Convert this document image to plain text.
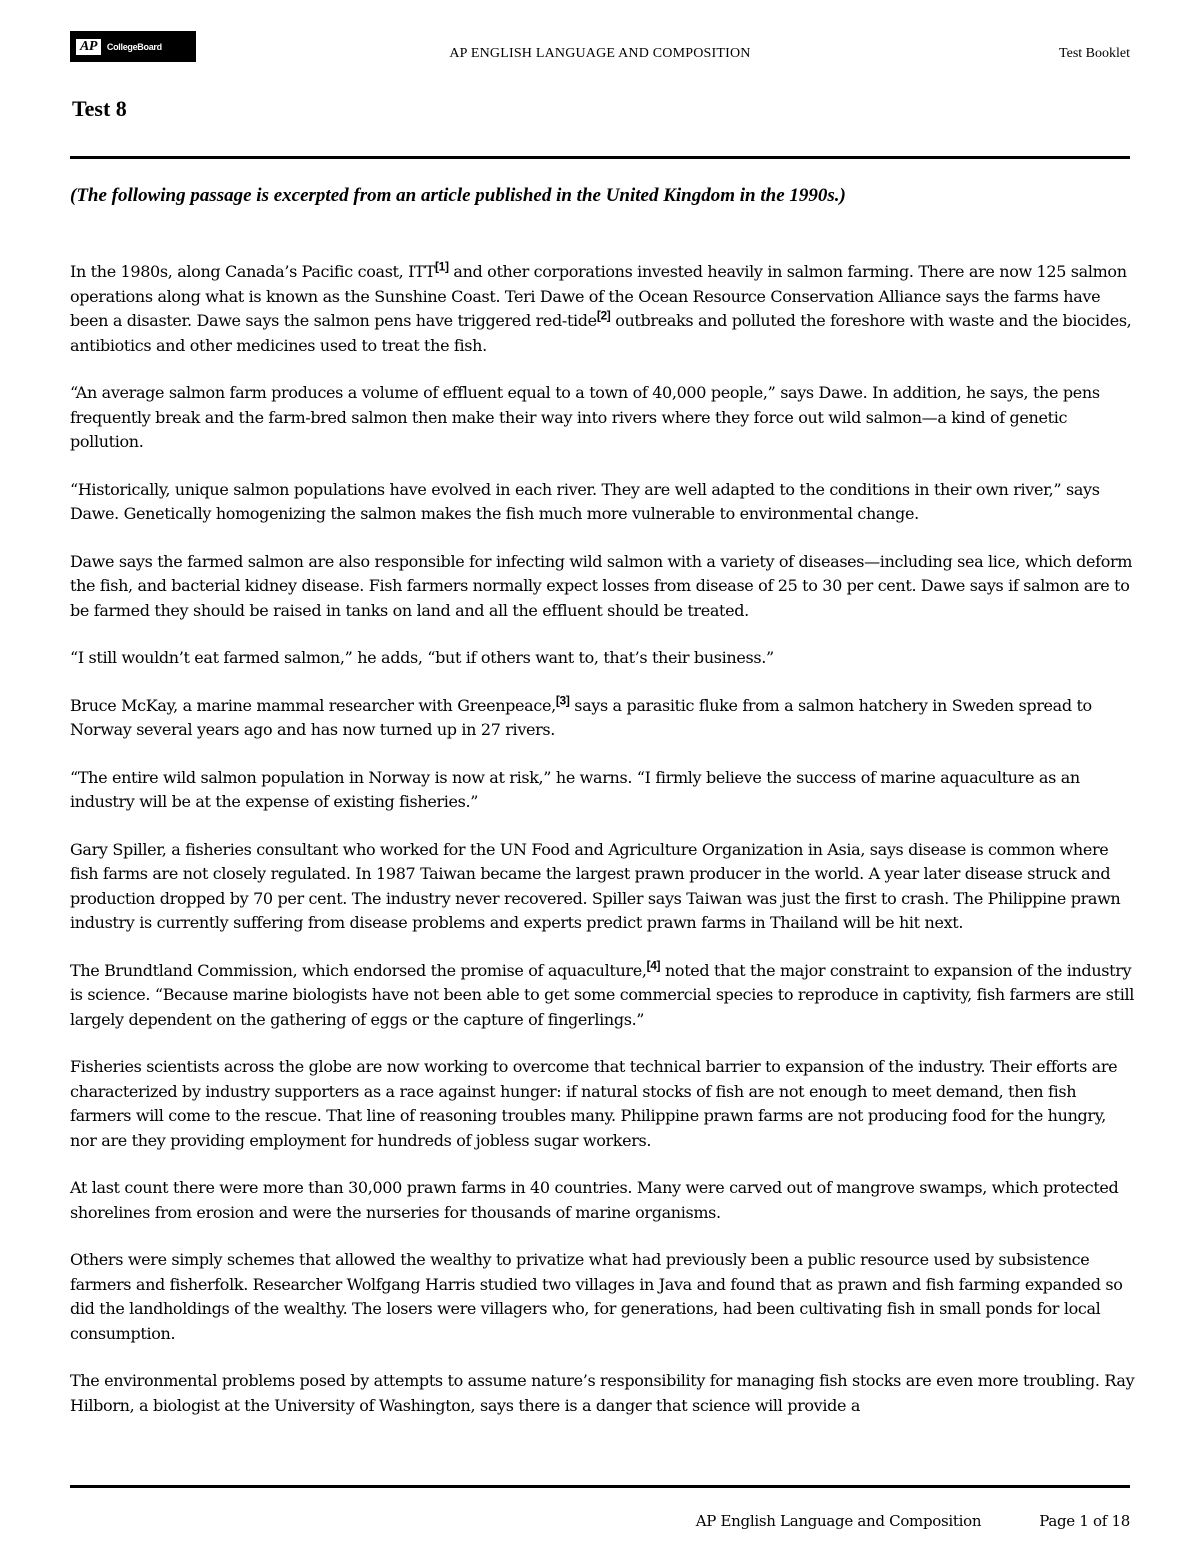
AP	CollegeBoard	AP ENGLISH LANGUAGE AND COMPOSITION	Test Booklet
Test 8
(The following passage is excerpted from an article published in the United Kingdom in the 1990s.)

In the 1980s, along Canada’s Pacific coast, ITT[1] and other corporations invested heavily in salmon farming. There are now 125 salmon operations along what is known as the Sunshine Coast. Teri Dawe of the Ocean Resource Conservation Alliance says the farms have been a disaster. Dawe says the salmon pens have triggered red-tide[2] outbreaks and polluted the foreshore with waste and the biocides, antibiotics and other medicines used to treat the fish.

“An average salmon farm produces a volume of effluent equal to a town of 40,000 people,” says Dawe. In addition, he says, the pens frequently break and the farm-bred salmon then make their way into rivers where they force out wild salmon—a kind of genetic pollution.

“Historically, unique salmon populations have evolved in each river. They are well adapted to the conditions in their own river,” says Dawe. Genetically homogenizing the salmon makes the fish much more vulnerable to environmental change.

Dawe says the farmed salmon are also responsible for infecting wild salmon with a variety of diseases—including sea lice, which deform the fish, and bacterial kidney disease. Fish farmers normally expect losses from disease of 25 to 30 per cent. Dawe says if salmon are to be farmed they should be raised in tanks on land and all the effluent should be treated.

“I still wouldn’t eat farmed salmon,” he adds, “but if others want to, that’s their business.”

Bruce McKay, a marine mammal researcher with Greenpeace,[3] says a parasitic fluke from a salmon hatchery in Sweden spread to Norway several years ago and has now turned up in 27 rivers.

“The entire wild salmon population in Norway is now at risk,” he warns. “I firmly believe the success of marine aquaculture as an industry will be at the expense of existing fisheries.”

Gary Spiller, a fisheries consultant who worked for the UN Food and Agriculture Organization in Asia, says disease is common where fish farms are not closely regulated. In 1987 Taiwan became the largest prawn producer in the world. A year later disease struck and production dropped by 70 per cent. The industry never recovered. Spiller says Taiwan was just the first to crash. The Philippine prawn industry is currently suffering from disease problems and experts predict prawn farms in Thailand will be hit next.

The Brundtland Commission, which endorsed the promise of aquaculture,[4] noted that the major constraint to expansion of the industry is science. “Because marine biologists have not been able to get some commercial species to reproduce in captivity, fish farmers are still largely dependent on the gathering of eggs or the capture of fingerlings.”

Fisheries scientists across the globe are now working to overcome that technical barrier to expansion of the industry. Their efforts are characterized by industry supporters as a race against hunger: if natural stocks of fish are not enough to meet demand, then fish farmers will come to the rescue. That line of reasoning troubles many. Philippine prawn farms are not producing food for the hungry, nor are they providing employment for hundreds of jobless sugar workers.

At last count there were more than 30,000 prawn farms in 40 countries. Many were carved out of mangrove swamps, which protected shorelines from erosion and were the nurseries for thousands of marine organisms.

Others were simply schemes that allowed the wealthy to privatize what had previously been a public resource used by subsistence farmers and fisherfolk. Researcher Wolfgang Harris studied two villages in Java and found that as prawn and fish farming expanded so did the landholdings of the wealthy. The losers were villagers who, for generations, had been cultivating fish in small ponds for local consumption.

The environmental problems posed by attempts to assume nature’s responsibility for managing fish stocks are even more troubling. Ray Hilborn, a biologist at the University of Washington, says there is a danger that science will provide a

AP English Language and Composition	Page 1 of 18
